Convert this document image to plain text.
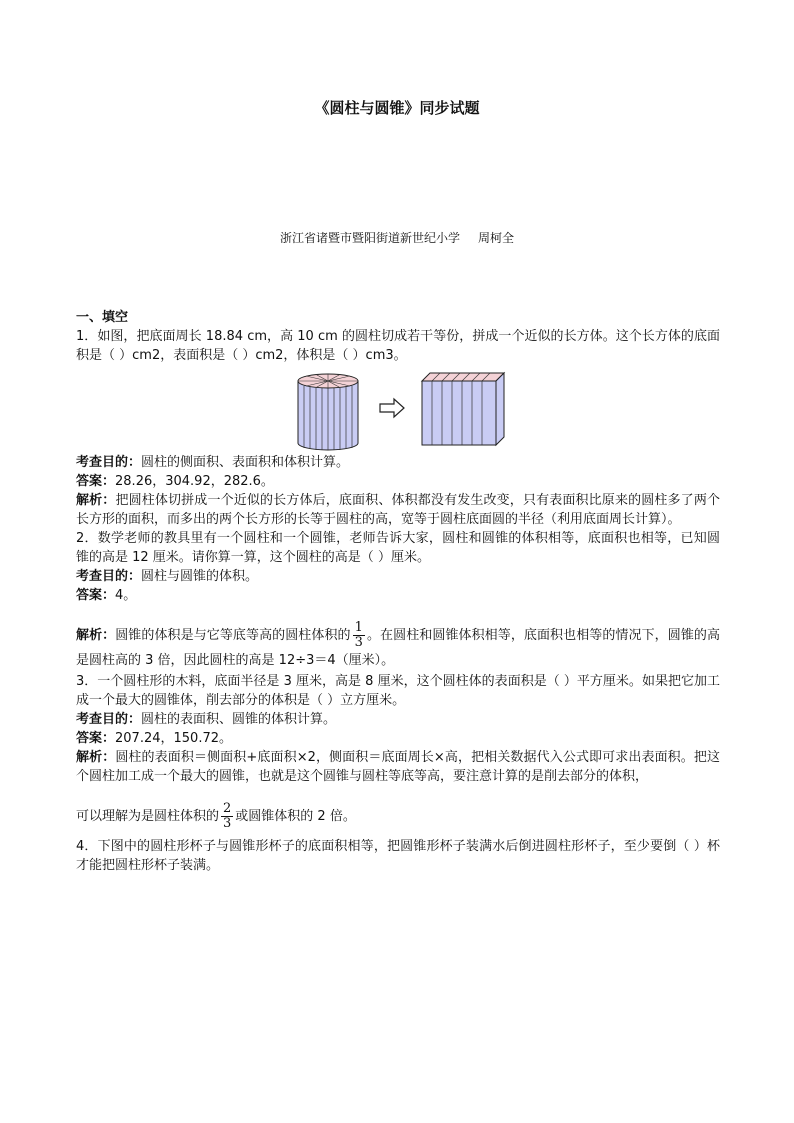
《圆柱与圆锥》同步试题
浙江省诸暨市暨阳街道新世纪小学 周柯全

一、填空

1．如图，把底面周长 18.84 cm，高 10 cm 的圆柱切成若干等份，拼成一个近似的长方体。这个长方体的底面积是（ ）cm2，表面积是（ ）cm2，体积是（ ）cm3。

考查目的：圆柱的侧面积、表面积和体积计算。

答案：28.26，304.92，282.6。

解析：把圆柱体切拼成一个近似的长方体后，底面积、体积都没有发生改变，只有表面积比原来的圆柱多了两个长方形的面积，而多出的两个长方形的长等于圆柱的高，宽等于圆柱底面圆的半径（利用底面周长计算）。

2．数学老师的教具里有一个圆柱和一个圆锥，老师告诉大家，圆柱和圆锥的体积相等，底面积也相等，已知圆锥的高是 12 厘米。请你算一算，这个圆柱的高是（ ）厘米。

考查目的：圆柱与圆锥的体积。

答案：4。

解析：圆锥的体积是与它等底等高的圆柱体积的 $\frac{1}{3}$ 。在圆柱和圆锥体积相等，底面积也相等的情况下，圆锥的高是圆柱高的 3 倍，因此圆柱的高是 12÷3＝4（厘米）。

3．一个圆柱形的木料，底面半径是 3 厘米，高是 8 厘米，这个圆柱体的表面积是（ ）平方厘米。如果把它加工成一个最大的圆锥体，削去部分的体积是（ ）立方厘米。

考查目的：圆柱的表面积、圆锥的体积计算。

答案：207.24，150.72。

解析：圆柱的表面积＝侧面积+底面积×2，侧面积＝底面周长×高，把相关数据代入公式即可求出表面积。把这个圆柱加工成一个最大的圆锥，也就是这个圆锥与圆柱等底等高，要注意计算的是削去部分的体积，

可以理解为是圆柱体积的 $\frac{2}{3}$ 或圆锥体积的 2 倍。

4．下图中的圆柱形杯子与圆锥形杯子的底面积相等，把圆锥形杯子装满水后倒进圆柱形杯子，至少要倒（ ）杯才能把圆柱形杯子装满。
